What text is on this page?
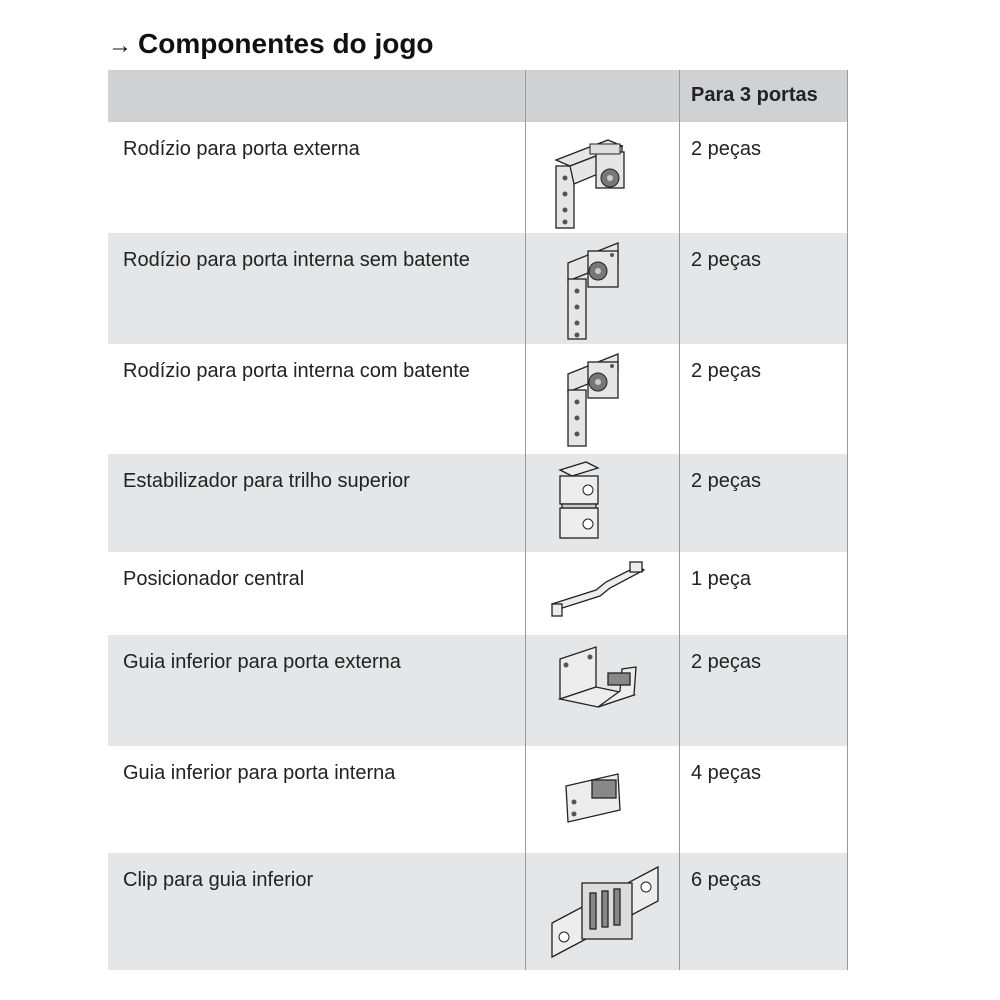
→ Componentes do jogo
Para 3 portas
Rodízio para porta externa	2 peças
Rodízio para porta interna sem batente	2 peças
Rodízio para porta interna com batente	2 peças
Estabilizador para trilho superior	2 peças
Posicionador central	1 peça
Guia inferior para porta externa	2 peças
Guia inferior para porta interna	4 peças
Clip para guia inferior	6 peças
